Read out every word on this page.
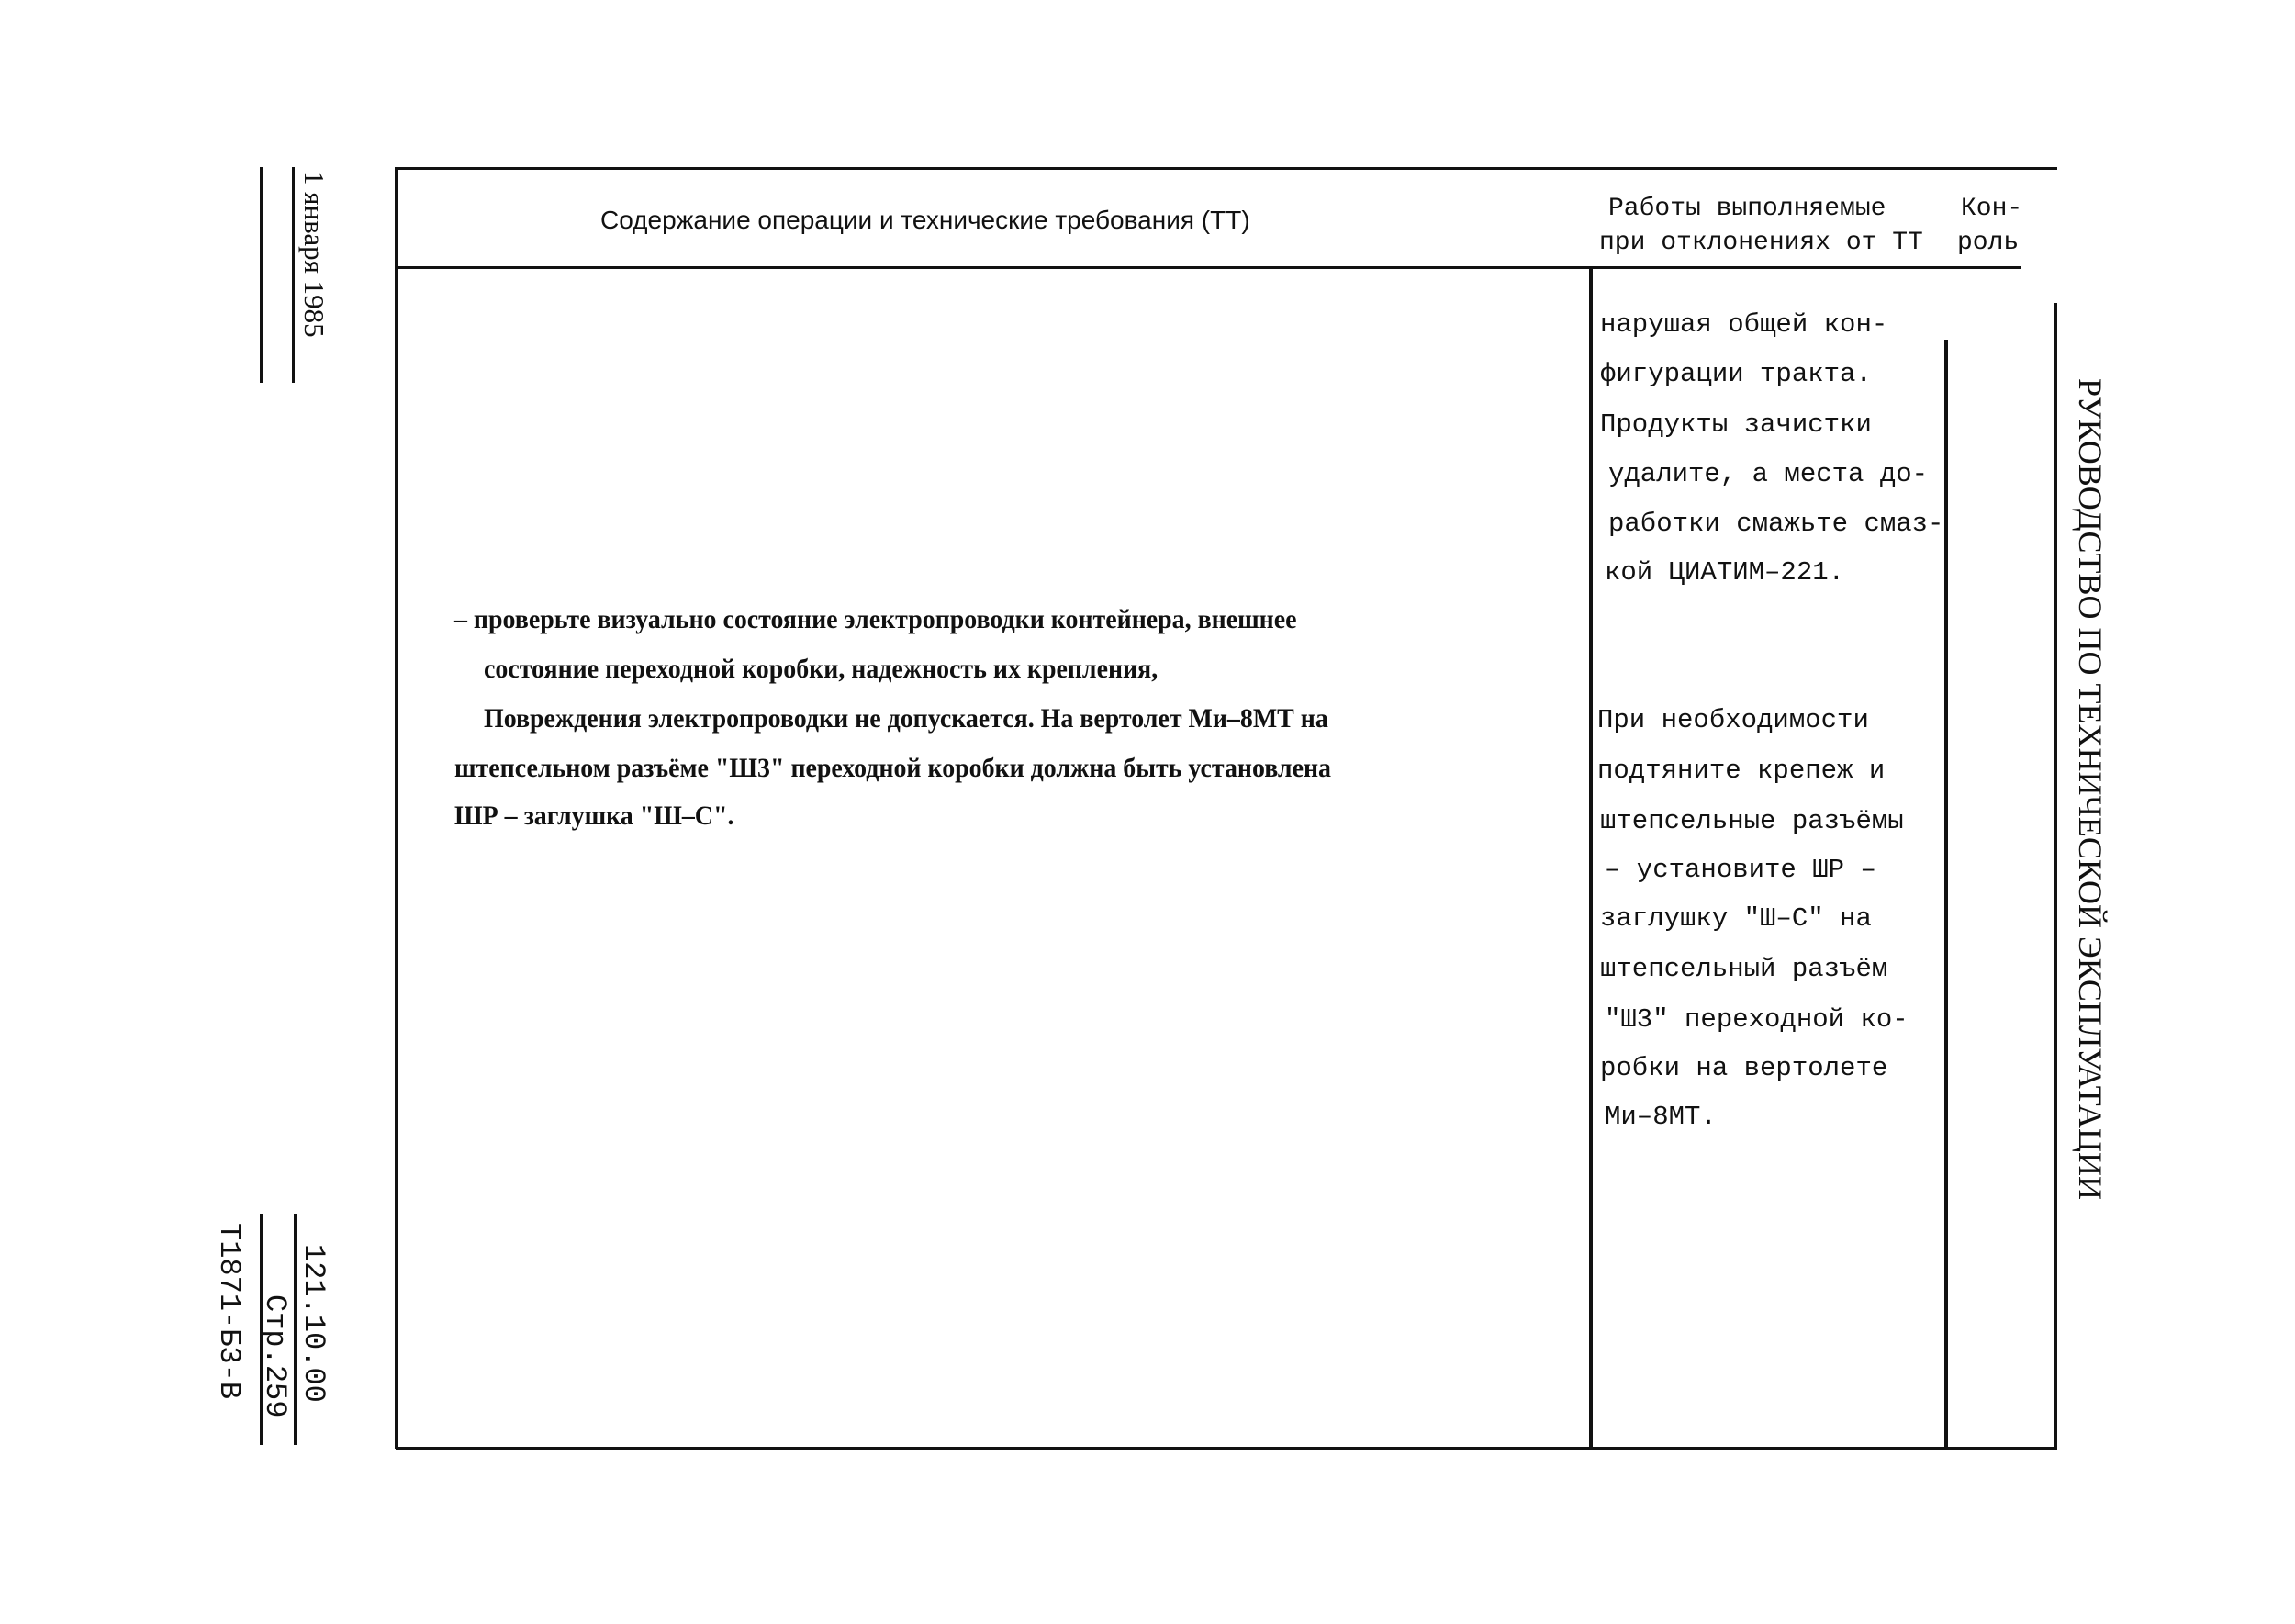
Содержание операции и технические требования (ТТ)	Работы выполняемые
при отклонениях от ТТ
Кон-
роль
– проверьте визуально состояние электропроводки контейнера, внешнее
состояние переходной коробки, надежность их крепления,
Повреждения электропроводки не допускается. На вертолет Ми–8МТ на
штепсельном разъёме "Ш3" переходной коробки должна быть установлена
ШР – заглушка "Ш–С".
нарушая общей кон-
фигурации тракта.
Продукты зачистки
удалите, а места до-
работки смажьте смаз-
кой ЦИАТИМ–221.
При необходимости
подтяните крепеж и
штепсельные разъёмы
– установите ШР –
заглушку "Ш–С" на
штепсельный разъём
"Ш3" переходной ко-
робки на вертолете
Ми–8МТ.	РУКОВОДСТВО ПО ТЕХНИЧЕСКОЙ ЭКСПЛУАТАЦИИ
1 января 1985
121.10.00
Стр.259
Т1871-Б3-В
